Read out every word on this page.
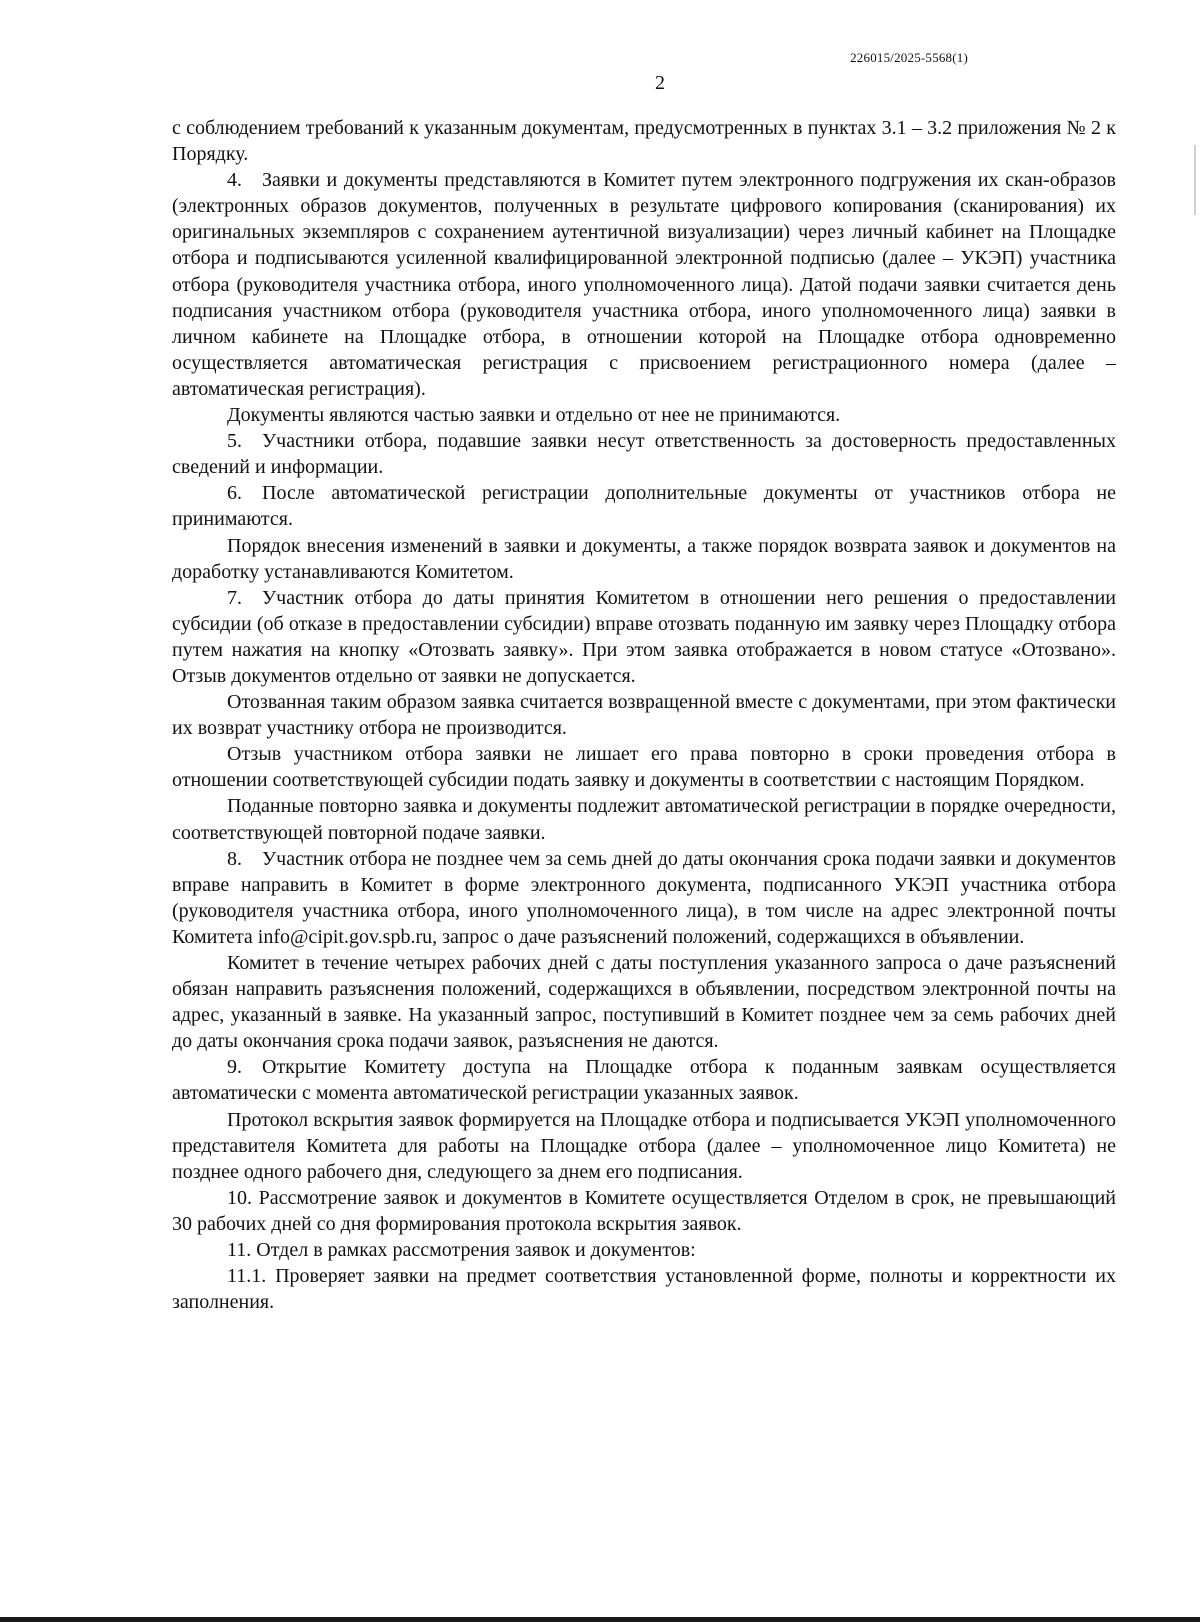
226015/2025-5568(1)
2

с соблюдением требований к указанным документам, предусмотренных в пунктах 3.1 – 3.2 приложения № 2 к Порядку.

4. Заявки и документы представляются в Комитет путем электронного подгружения их скан-образов (электронных образов документов, полученных в результате цифрового копирования (сканирования) их оригинальных экземпляров с сохранением аутентичной визуализации) через личный кабинет на Площадке отбора и подписываются усиленной квалифицированной электронной подписью (далее – УКЭП) участника отбора (руководителя участника отбора, иного уполномоченного лица). Датой подачи заявки считается день подписания участником отбора (руководителя участника отбора, иного уполномоченного лица) заявки в личном кабинете на Площадке отбора, в отношении которой на Площадке отбора одновременно осуществляется автоматическая регистрация с присвоением регистрационного номера (далее – автоматическая регистрация).

Документы являются частью заявки и отдельно от нее не принимаются.

5. Участники отбора, подавшие заявки несут ответственность за достоверность предоставленных сведений и информации.

6. После автоматической регистрации дополнительные документы от участников отбора не принимаются.

Порядок внесения изменений в заявки и документы, а также порядок возврата заявок и документов на доработку устанавливаются Комитетом.

7. Участник отбора до даты принятия Комитетом в отношении него решения о предоставлении субсидии (об отказе в предоставлении субсидии) вправе отозвать поданную им заявку через Площадку отбора путем нажатия на кнопку «Отозвать заявку». При этом заявка отображается в новом статусе «Отозвано». Отзыв документов отдельно от заявки не допускается.

Отозванная таким образом заявка считается возвращенной вместе с документами, при этом фактически их возврат участнику отбора не производится.

Отзыв участником отбора заявки не лишает его права повторно в сроки проведения отбора в отношении соответствующей субсидии подать заявку и документы в соответствии с настоящим Порядком.

Поданные повторно заявка и документы подлежит автоматической регистрации в порядке очередности, соответствующей повторной подаче заявки.

8. Участник отбора не позднее чем за семь дней до даты окончания срока подачи заявки и документов вправе направить в Комитет в форме электронного документа, подписанного УКЭП участника отбора (руководителя участника отбора, иного уполномоченного лица), в том числе на адрес электронной почты Комитета info@cipit.gov.spb.ru, запрос о даче разъяснений положений, содержащихся в объявлении.

Комитет в течение четырех рабочих дней с даты поступления указанного запроса о даче разъяснений обязан направить разъяснения положений, содержащихся в объявлении, посредством электронной почты на адрес, указанный в заявке. На указанный запрос, поступивший в Комитет позднее чем за семь рабочих дней до даты окончания срока подачи заявок, разъяснения не даются.

9. Открытие Комитету доступа на Площадке отбора к поданным заявкам осуществляется автоматически с момента автоматической регистрации указанных заявок.

Протокол вскрытия заявок формируется на Площадке отбора и подписывается УКЭП уполномоченного представителя Комитета для работы на Площадке отбора (далее – уполномоченное лицо Комитета) не позднее одного рабочего дня, следующего за днем его подписания.

10. Рассмотрение заявок и документов в Комитете осуществляется Отделом в срок, не превышающий 30 рабочих дней со дня формирования протокола вскрытия заявок.

11. Отдел в рамках рассмотрения заявок и документов:

11.1. Проверяет заявки на предмет соответствия установленной форме, полноты и корректности их заполнения.
